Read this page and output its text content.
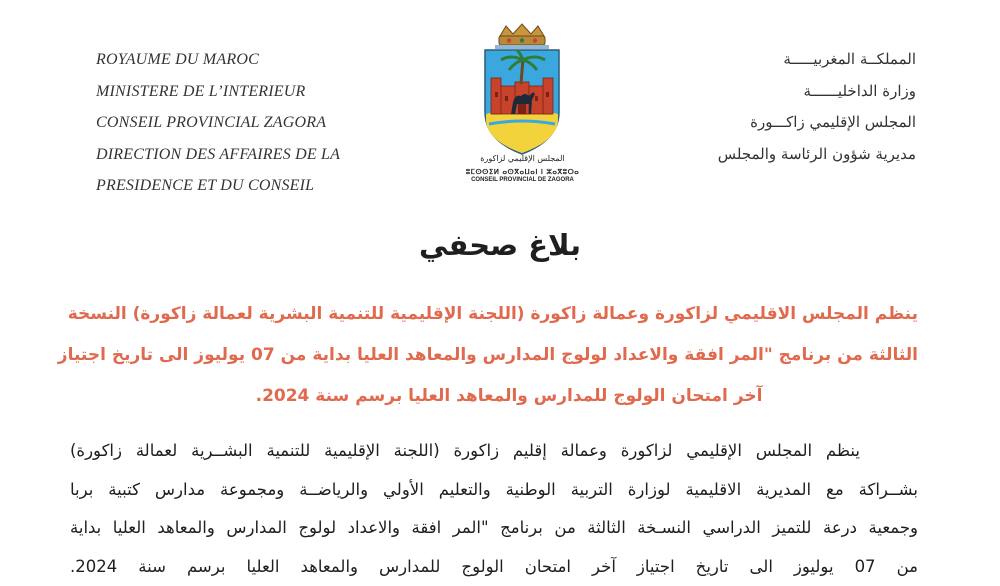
ROYAUME DU MAROC
MINISTERE DE L’INTERIEUR
CONSEIL PROVINCIAL ZAGORA
DIRECTION DES AFFAIRES DE LA
PRESIDENCE ET DU CONSEIL
المجلس الإقليمي لزاكورة
ⵓⵎⵙⵙⵉⵍ ⴰⵙⴳⴰⵡⴰⵏ ⵏ ⵣⴰⴳⵓⵔⴰ
CONSEIL PROVINCIAL DE ZAGORA
المملكــة المغربيـــــة
وزارة الداخليــــــة
المجلس الإقليمي زاكـــورة
مديرية شؤون الرئاسة والمجلس
بلاغ صحفي
ينظم المجلس الاقليمي لزاكورة وعمالة زاكورة (اللجنة الإقليمية للتنمية البشرية لعمالة زاكورة) النسخة
الثالثة من برنامج "المر افقة والاعداد لولوج المدارس والمعاهد العليا بداية من 07 يوليوز الى تاريخ اجتياز
آخر امتحان الولوج للمدارس والمعاهد العليا برسم سنة 2024.
ينظم المجلس الإقليمي لزاكورة وعمالة إقليم زاكورة (اللجنة الإقليمية للتنمية البشــرية لعمالة زاكورة)
بشــراكة مع المديرية الاقليمية لوزارة التربية الوطنية والتعليم الأولي والرياضــة ومجموعة مدارس كتبية بربا
وجمعية درعة للتميز الدراسي النسـخة الثالثة من برنامج "المر افقة والاعداد لولوج المدارس والمعاهد العليا بداية
من 07 يوليوز الى تاريخ اجتياز آخر امتحان الولوج للمدارس والمعاهد العليا برسم سنة 2024.
